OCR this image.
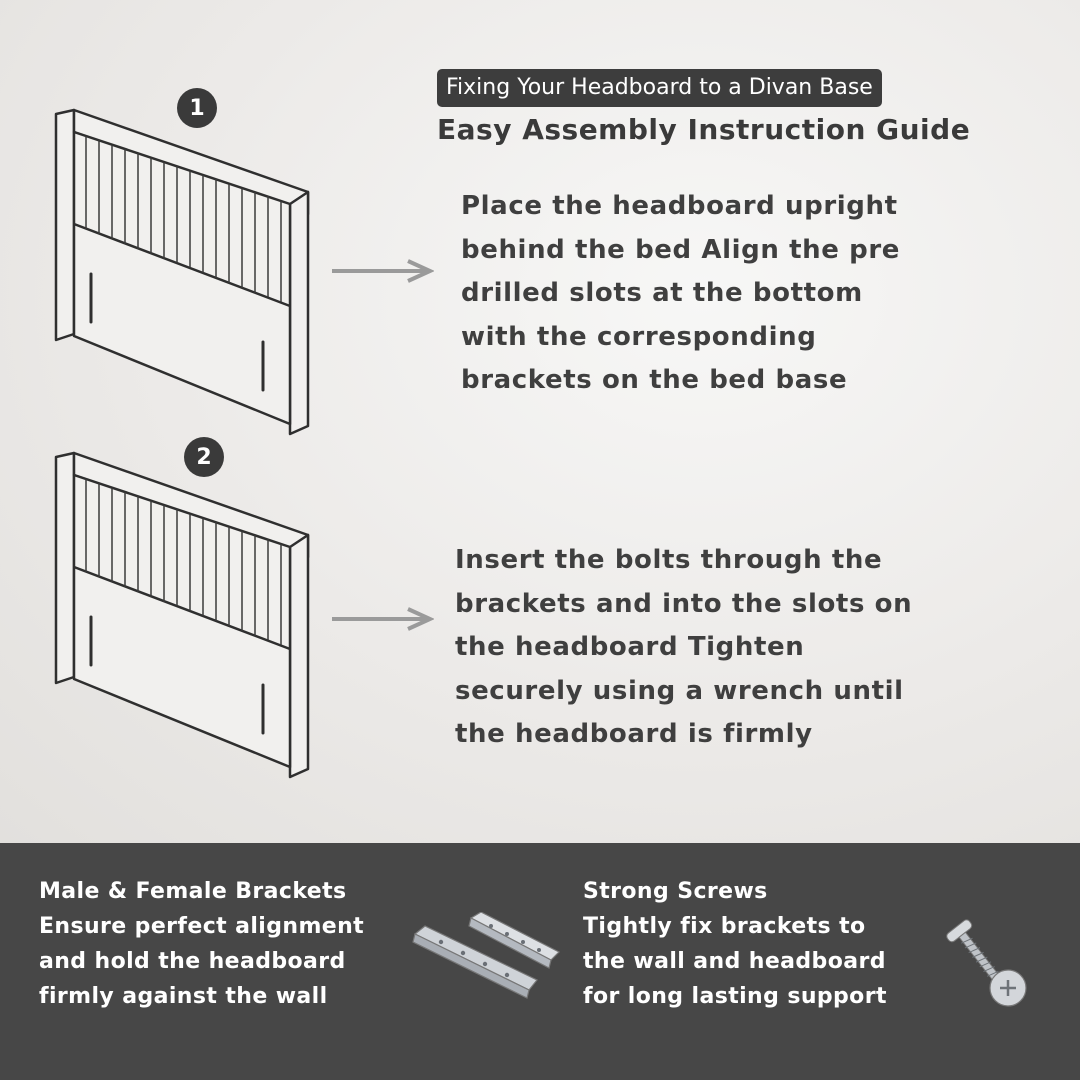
Fixing Your Headboard to a Divan Base
Easy Assembly Instruction Guide
1
Place the headboard upright
behind the bed Align the pre
drilled slots at the bottom
with the corresponding
brackets on the bed base
2
Insert the bolts through the
brackets and into the slots on
the headboard Tighten
securely using a wrench until
the headboard is firmly
Male & Female Brackets
Ensure perfect alignment
and hold the headboard
firmly against the wall
Strong Screws
Tightly fix brackets to
the wall and headboard
for long lasting support
